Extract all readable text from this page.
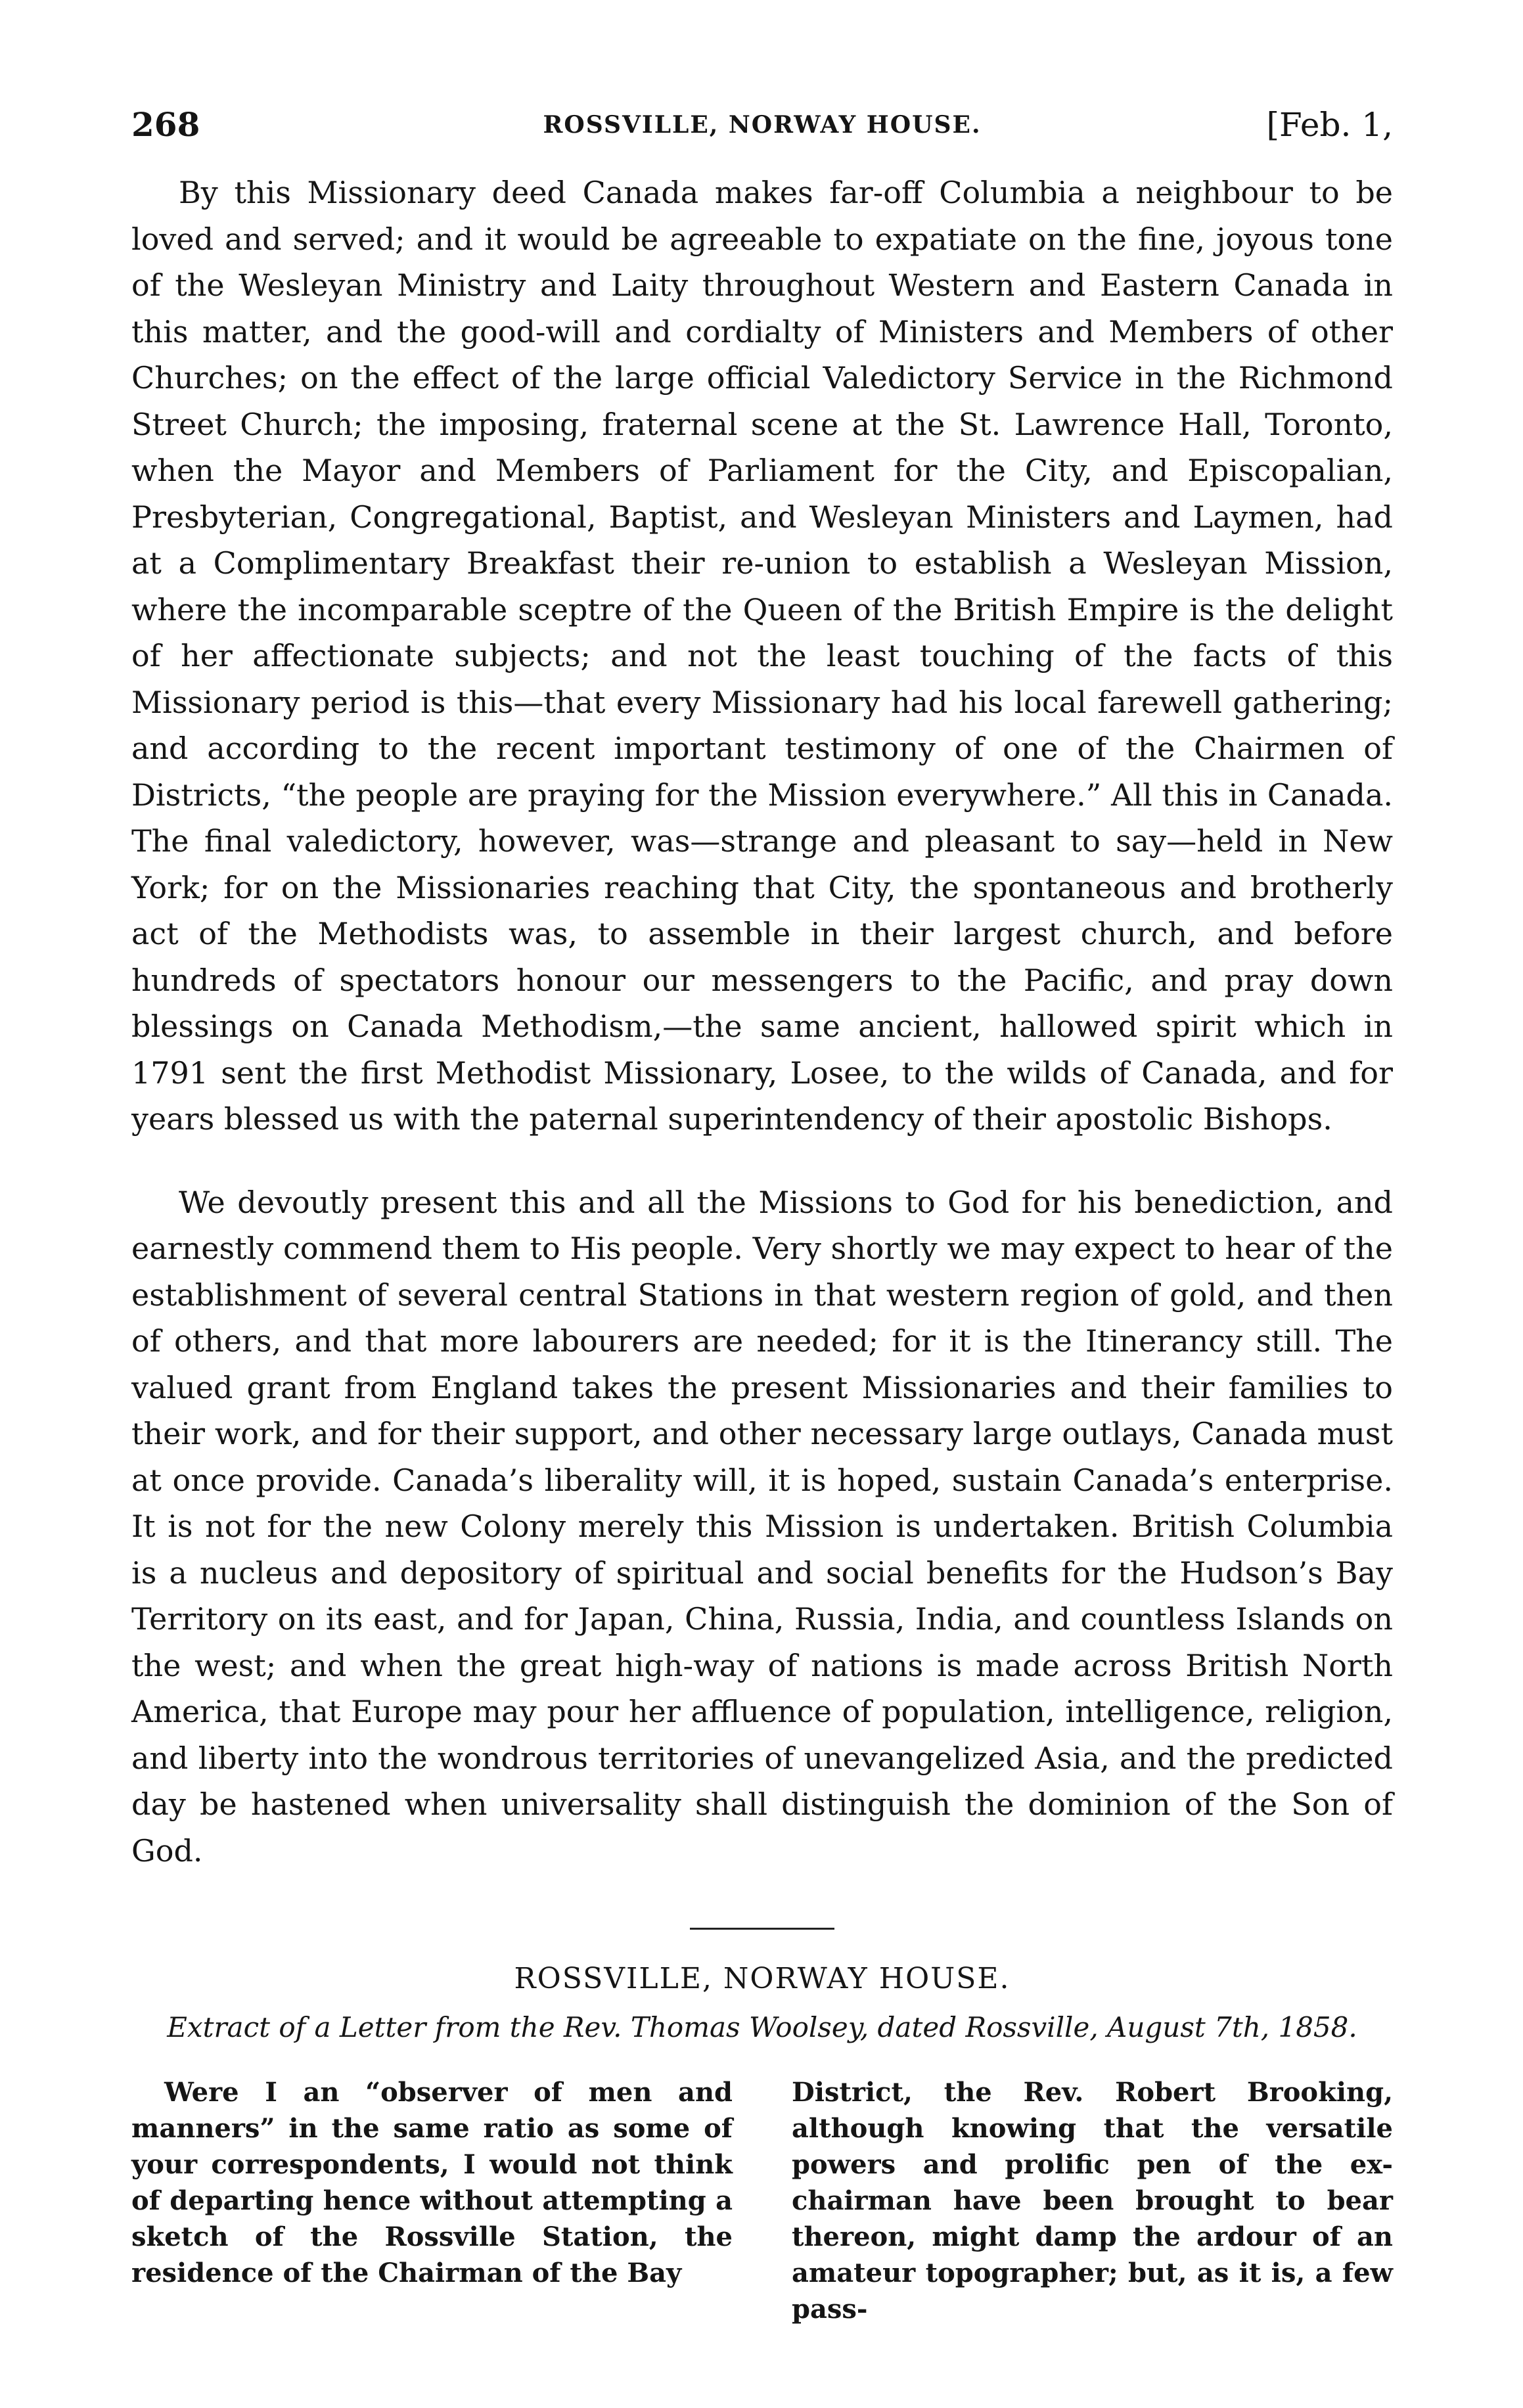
268	ROSSVILLE, NORWAY HOUSE.	[Feb. 1,

By this Missionary deed Canada makes far-off Columbia a neighbour to be loved and served; and it would be agreeable to expatiate on the fine, joyous tone of the Wesleyan Ministry and Laity throughout Western and Eastern Canada in this matter, and the good-will and cordialty of Ministers and Members of other Churches; on the effect of the large official Valedictory Service in the Richmond Street Church; the imposing, fraternal scene at the St. Lawrence Hall, Toronto, when the Mayor and Members of Parliament for the City, and Episcopalian, Presbyterian, Congregational, Baptist, and Wesleyan Ministers and Laymen, had at a Complimentary Breakfast their re-union to establish a Wesleyan Mission, where the incomparable sceptre of the Queen of the British Empire is the delight of her affectionate subjects; and not the least touching of the facts of this Missionary period is this—that every Missionary had his local farewell gathering; and according to the recent important testimony of one of the Chairmen of Districts, “the people are praying for the Mission everywhere.” All this in Canada. The final valedictory, however, was—strange and pleasant to say—held in New York; for on the Missionaries reaching that City, the spontaneous and brotherly act of the Methodists was, to assemble in their largest church, and before hundreds of spectators honour our messengers to the Pacific, and pray down blessings on Canada Methodism,—the same ancient, hallowed spirit which in 1791 sent the first Methodist Missionary, Losee, to the wilds of Canada, and for years blessed us with the paternal superintendency of their apostolic Bishops.

We devoutly present this and all the Missions to God for his benediction, and earnestly commend them to His people. Very shortly we may expect to hear of the establishment of several central Stations in that western region of gold, and then of others, and that more labourers are needed; for it is the Itinerancy still. The valued grant from England takes the present Missionaries and their families to their work, and for their support, and other necessary large outlays, Canada must at once provide. Canada’s liberality will, it is hoped, sustain Canada’s enterprise. It is not for the new Colony merely this Mission is undertaken. British Columbia is a nucleus and depository of spiritual and social benefits for the Hudson’s Bay Territory on its east, and for Japan, China, Russia, India, and countless Islands on the west; and when the great high-way of nations is made across British North America, that Europe may pour her affluence of population, intelligence, religion, and liberty into the wondrous territories of unevangelized Asia, and the predicted day be hastened when universality shall distinguish the dominion of the Son of God.

ROSSVILLE, NORWAY HOUSE.
Extract of a Letter from the Rev. Thomas Woolsey, dated Rossville, August 7th, 1858.

Were I an “observer of men and manners” in the same ratio as some of your correspondents, I would not think of departing hence without attempting a sketch of the Rossville Station, the residence of the Chairman of the Bay

District, the Rev. Robert Brooking, although knowing that the versatile powers and prolific pen of the ex-chairman have been brought to bear thereon, might damp the ardour of an amateur topographer; but, as it is, a few pass-
